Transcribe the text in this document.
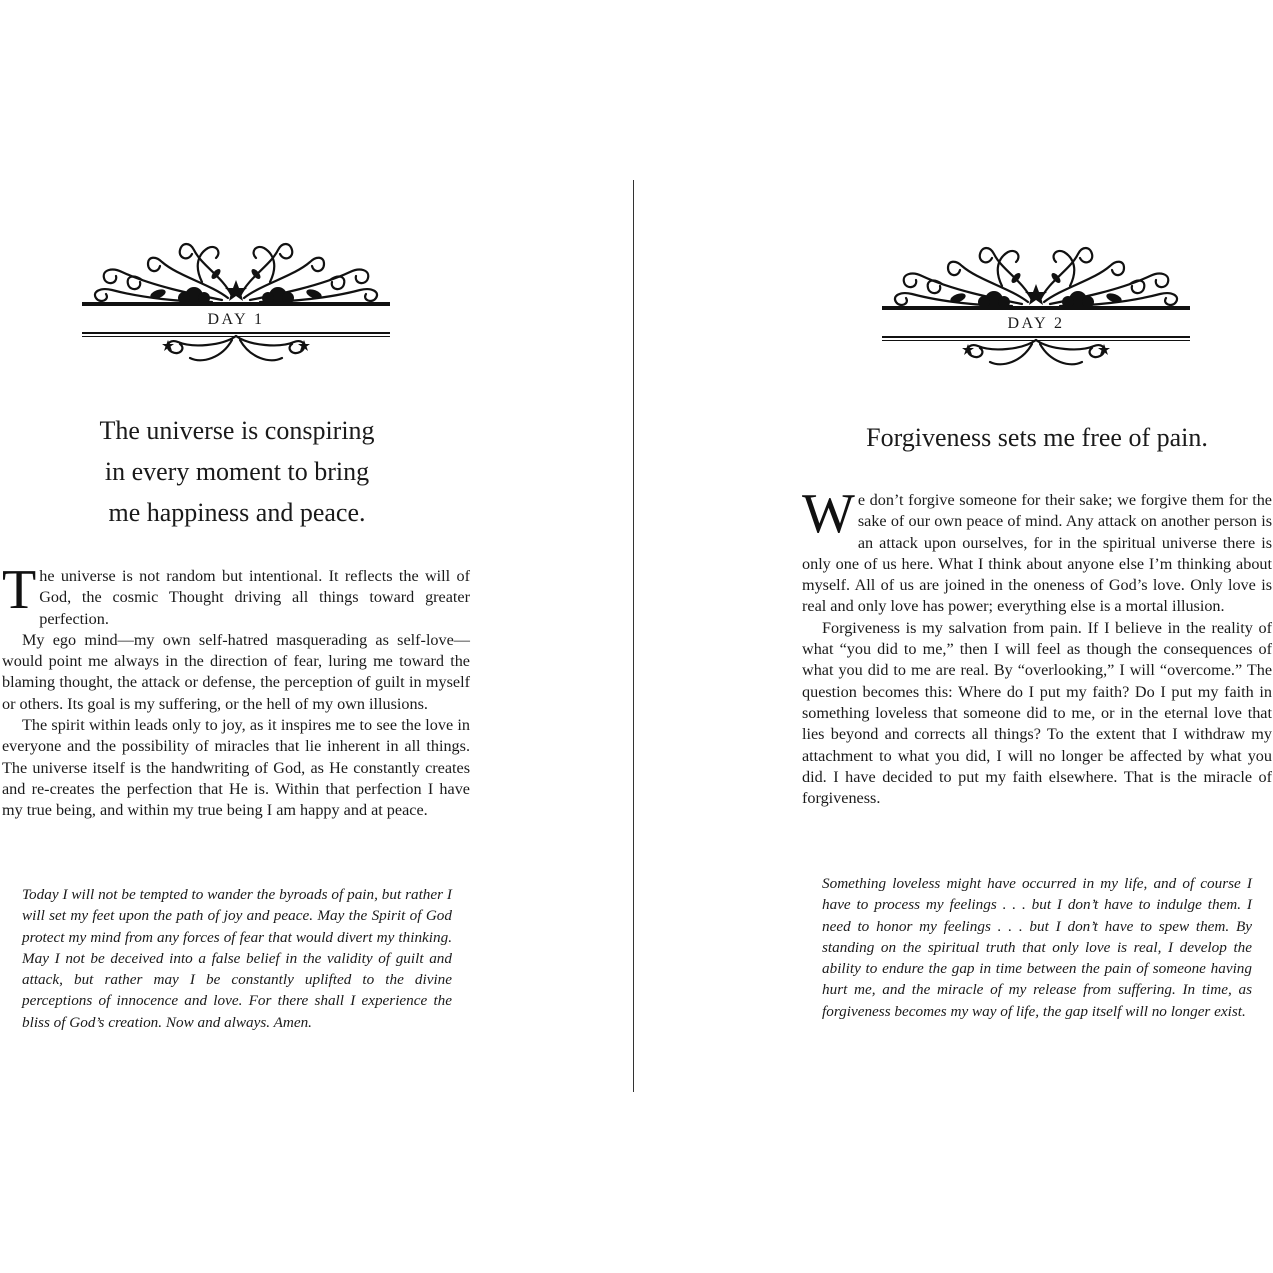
DAY 1
The universe is conspiring
in every moment to bring
me happiness and peace.

The universe is not random but intentional. It reflects the will of God, the cosmic Thought driving all things toward greater perfection.

My ego mind—my own self-hatred masquerading as self-love—would point me always in the direction of fear, luring me toward the blaming thought, the attack or defense, the perception of guilt in myself or others. Its goal is my suffering, or the hell of my own illusions.

The spirit within leads only to joy, as it inspires me to see the love in everyone and the possibility of miracles that lie inherent in all things. The universe itself is the handwriting of God, as He constantly creates and re-creates the perfection that He is. Within that perfection I have my true being, and within my true being I am happy and at peace.

Today I will not be tempted to wander the byroads of pain, but rather I will set my feet upon the path of joy and peace. May the Spirit of God protect my mind from any forces of fear that would divert my thinking. May I not be deceived into a false belief in the validity of guilt and attack, but rather may I be constantly uplifted to the divine perceptions of innocence and love. For there shall I experience the bliss of God’s creation. Now and always. Amen.

DAY 2
Forgiveness sets me free of pain.

We don’t forgive someone for their sake; we forgive them for the sake of our own peace of mind. Any attack on another person is an attack upon ourselves, for in the spiritual universe there is only one of us here. What I think about anyone else I’m thinking about myself. All of us are joined in the oneness of God’s love. Only love is real and only love has power; everything else is a mortal illusion.

Forgiveness is my salvation from pain. If I believe in the reality of what “you did to me,” then I will feel as though the consequences of what you did to me are real. By “overlooking,” I will “overcome.” The question becomes this: Where do I put my faith? Do I put my faith in something loveless that someone did to me, or in the eternal love that lies beyond and corrects all things? To the extent that I withdraw my attachment to what you did, I will no longer be affected by what you did. I have decided to put my faith elsewhere. That is the miracle of forgiveness.

Something loveless might have occurred in my life, and of course I have to process my feelings . . . but I don’t have to indulge them. I need to honor my feelings . . . but I don’t have to spew them. By standing on the spiritual truth that only love is real, I develop the ability to endure the gap in time between the pain of someone having hurt me, and the miracle of my release from suffering. In time, as forgiveness becomes my way of life, the gap itself will no longer exist.
